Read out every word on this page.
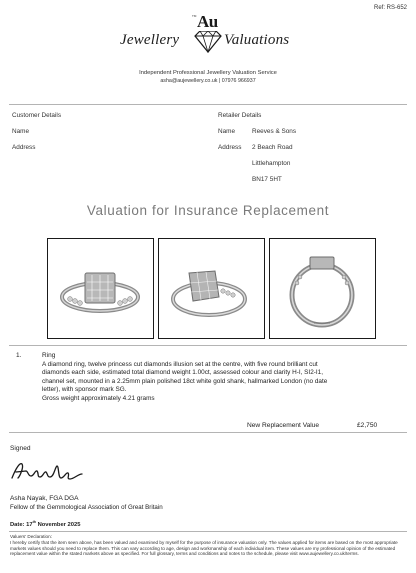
Ref: RS-652
Jewellery
TM Au
Valuations
Independent Professional Jewellery Valuation Service
asha@aujewellery.co.uk | 07976 966937
Customer Details
Name
Address
Retailer Details
Name	Reeves & Sons
Address 2 Beach Road
Littlehampton
BN17 5HT
Valuation for Insurance Replacement
1.	Ring
A diamond ring, twelve princess cut diamonds illusion set at the centre, with five round brilliant cut diamonds each side, estimated total diamond weight 1.00ct, assessed colour and clarity H-I, SI2-I1, channel set, mounted in a 2.25mm plain polished 18ct white gold shank, hallmarked London (no date letter), with sponsor mark SG.
Gross weight approximately 4.21 grams
New Replacement Value	£2,750
Signed
Asha Nayak, FGA DGA
Fellow of the Gemmological Association of Great Britain
Date: 17th November 2025
Valuers' Declaration:
I hereby certify that the item seen above, has been valued and examined by myself for the purpose of insurance valuation only. The values applied for items are based on the most appropriate markets values should you need to replace them. This can vary according to age, design and workmanship of each individual item. These values are my professional opinion of the estimated replacement value within the stated markets above as specified. For full glossary, terms and conditions and notes to the schedule, please visit www.aujewellery.co.uk/terms.
